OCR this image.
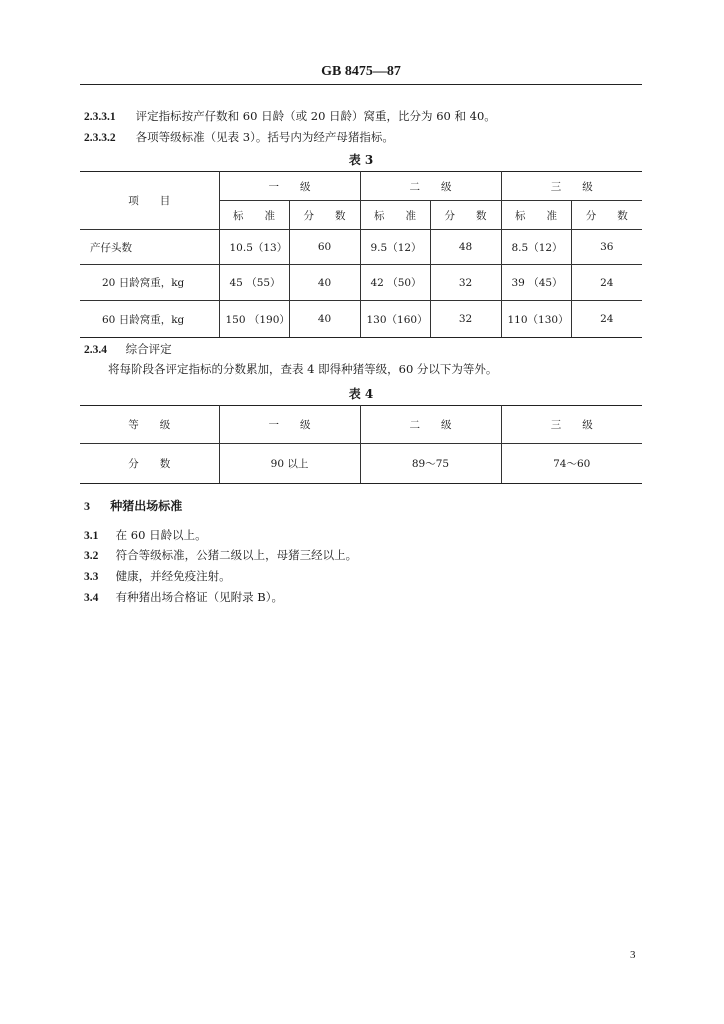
GB 8475—87
2.3.3.1 评定指标按产仔数和 60 日龄（或 20 日龄）窝重，比分为 60 和 40。
2.3.3.2 各项等级标准（见表 3）。括号内为经产母猪指标。
表 3
项　　目	一　　级		二　　级		三　　级	
	标　　准	分　　数	标　　准	分　　数	标　　准	分　　数
产仔头数	10.5（13）	60	9.5（12）	48	8.5（12）	36
20 日龄窝重，kg	45 （55）	40	42 （50）	32	39 （45）	24
60 日龄窝重，kg	150 （190）	40	130（160）	32	110（130）	24
2.3.4 综合评定
将每阶段各评定指标的分数累加，查表 4 即得种猪等级，60 分以下为等外。
表 4
等　　级	一　　级	二　　级	三　　级
分　　数	90 以上	89～75	74～60
3 种猪出场标准
3.1 在 60 日龄以上。
3.2 符合等级标准，公猪二级以上，母猪三经以上。
3.3 健康，并经免疫注射。
3.4 有种猪出场合格证（见附录 B）。
3
